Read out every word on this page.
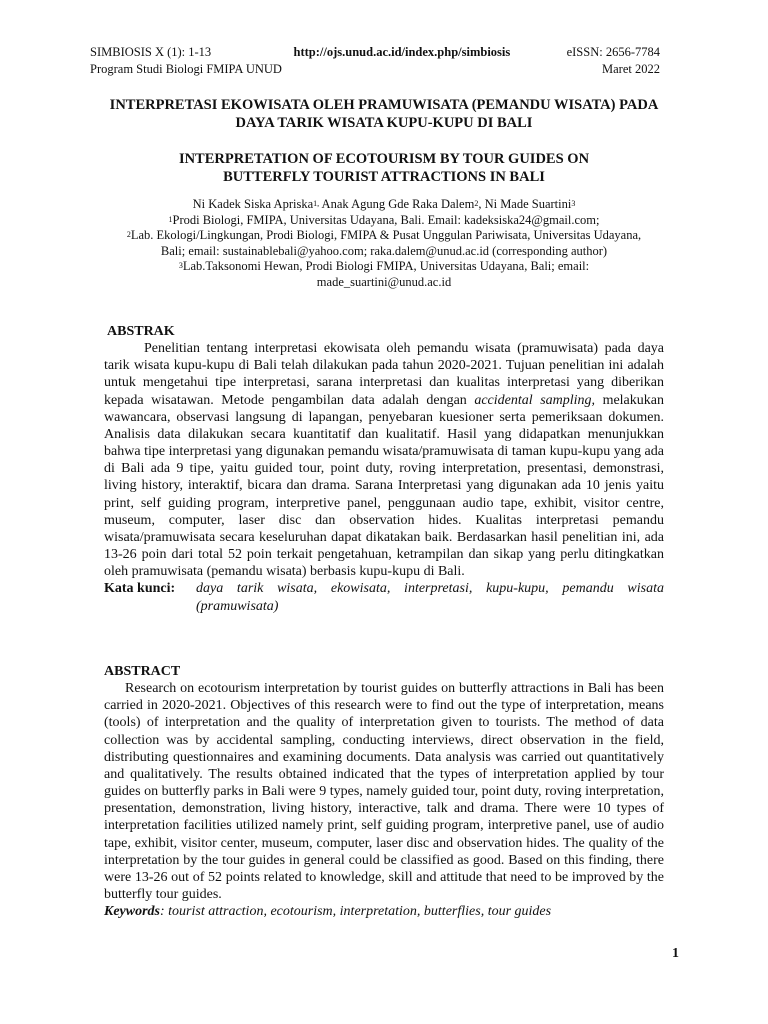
SIMBIOSIS X (1): 1-13	http://ojs.unud.ac.id/index.php/simbiosis	eISSN: 2656-7784
Program Studi Biologi FMIPA UNUD	Maret 2022
INTERPRETASI EKOWISATA OLEH PRAMUWISATA (PEMANDU WISATA) PADA
DAYA TARIK WISATA KUPU-KUPU DI BALI
INTERPRETATION OF ECOTOURISM BY TOUR GUIDES ON
BUTTERFLY TOURIST ATTRACTIONS IN BALI
Ni Kadek Siska Apriska$^{1,}$ Anak Agung Gde Raka Dalem$^2$, Ni Made Suartini$^3$
$^1$Prodi Biologi, FMIPA, Universitas Udayana, Bali. Email: kadeksiska24@gmail.com;
$^2$Lab. Ekologi/Lingkungan, Prodi Biologi, FMIPA & Pusat Unggulan Pariwisata, Universitas Udayana, Bali; email: sustainablebali@yahoo.com; raka.dalem@unud.ac.id (corresponding author)
$^3$Lab.Taksonomi Hewan, Prodi Biologi FMIPA, Universitas Udayana, Bali; email: made_suartini@unud.ac.id
ABSTRAK

Penelitian tentang interpretasi ekowisata oleh pemandu wisata (pramuwisata) pada daya tarik wisata kupu-kupu di Bali telah dilakukan pada tahun 2020-2021. Tujuan penelitian ini adalah untuk mengetahui tipe interpretasi, sarana interpretasi dan kualitas interpretasi yang diberikan kepada wisatawan. Metode pengambilan data adalah dengan accidental sampling, melakukan wawancara, observasi langsung di lapangan, penyebaran kuesioner serta pemeriksaan dokumen. Analisis data dilakukan secara kuantitatif dan kualitatif. Hasil yang didapatkan menunjukkan bahwa tipe interpretasi yang digunakan pemandu wisata/pramuwisata di taman kupu-kupu yang ada di Bali ada 9 tipe, yaitu guided tour, point duty, roving interpretation, presentasi, demonstrasi, living history, interaktif, bicara dan drama. Sarana Interpretasi yang digunakan ada 10 jenis yaitu print, self guiding program, interpretive panel, penggunaan audio tape, exhibit, visitor centre, museum, computer, laser disc dan observation hides. Kualitas interpretasi pemandu wisata/pramuwisata secara keseluruhan dapat dikatakan baik. Berdasarkan hasil penelitian ini, ada 13-26 poin dari total 52 poin terkait pengetahuan, ketrampilan dan sikap yang perlu ditingkatkan oleh pramuwisata (pemandu wisata) berbasis kupu-kupu di Bali.

Kata kunci:	daya tarik wisata, ekowisata, interpretasi, kupu-kupu, pemandu wisata (pramuwisata)
ABSTRACT

Research on ecotourism interpretation by tourist guides on butterfly attractions in Bali has been carried in 2020-2021. Objectives of this research were to find out the type of interpretation, means (tools) of interpretation and the quality of interpretation given to tourists. The method of data collection was by accidental sampling, conducting interviews, direct observation in the field, distributing questionnaires and examining documents. Data analysis was carried out quantitatively and qualitatively. The results obtained indicated that the types of interpretation applied by tour guides on butterfly parks in Bali were 9 types, namely guided tour, point duty, roving interpretation, presentation, demonstration, living history, interactive, talk and drama. There were 10 types of interpretation facilities utilized namely print, self guiding program, interpretive panel, use of audio tape, exhibit, visitor center, museum, computer, laser disc and observation hides. The quality of the interpretation by the tour guides in general could be classified as good. Based on this finding, there were 13-26 out of 52 points related to knowledge, skill and attitude that need to be improved by the butterfly tour guides.

Keywords: tourist attraction, ecotourism, interpretation, butterflies, tour guides
1
